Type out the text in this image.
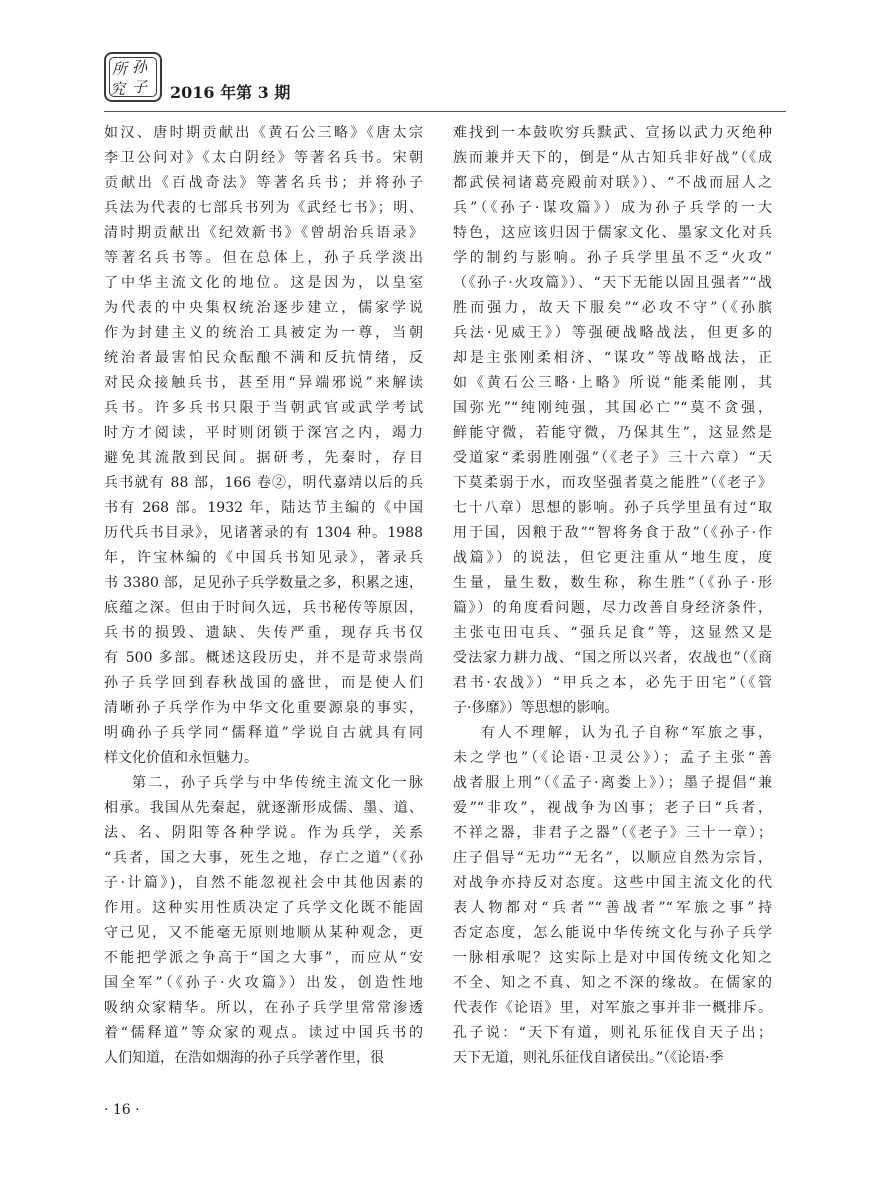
所 孙
究 子 2016 年第 3 期
如汉、唐时期贡献出《黄石公三略》《唐太宗
李卫公问对》《太白阴经》等著名兵书。宋朝
贡献出《百战奇法》等著名兵书；并将孙子
兵法为代表的七部兵书列为《武经七书》；明、
清时期贡献出《纪效新书》《曾胡治兵语录》
等著名兵书等。但在总体上，孙子兵学淡出
了中华主流文化的地位。这是因为，以皇室
为代表的中央集权统治逐步建立，儒家学说
作为封建主义的统治工具被定为一尊，当朝
统治者最害怕民众酝酿不满和反抗情绪，反
对民众接触兵书，甚至用“异端邪说”来解读
兵书。许多兵书只限于当朝武官或武学考试
时方才阅读，平时则闭锁于深宫之内，竭力
避免其流散到民间。据研考，先秦时，存目
兵书就有 88 部，166 卷②，明代嘉靖以后的兵
书有 268 部。1932 年，陆达节主编的《中国
历代兵书目录》，见诸著录的有 1304 种。1988
年，许宝林编的《中国兵书知见录》，著录兵
书 3380 部，足见孙子兵学数量之多，积累之速，
底蕴之深。但由于时间久远，兵书秘传等原因，
兵书的损毁、遗缺、失传严重，现存兵书仅
有 500 多部。概述这段历史，并不是苛求崇尚
孙子兵学回到春秋战国的盛世，而是使人们
清晰孙子兵学作为中华文化重要源泉的事实，
明确孙子兵学同“儒释道”学说自古就具有同
样文化价值和永恒魅力。
第二，孙子兵学与中华传统主流文化一脉
相承。我国从先秦起，就逐渐形成儒、墨、道、
法、名、阴阳等各种学说。作为兵学，关系
“兵者，国之大事，死生之地，存亡之道”（《孙
子·计篇》)，自然不能忽视社会中其他因素的
作用。这种实用性质决定了兵学文化既不能固
守己见，又不能毫无原则地顺从某种观念，更
不能把学派之争高于“国之大事”，而应从“安
国全军”（《孙子·火攻篇》）出发，创造性地
吸纳众家精华。所以，在孙子兵学里常常渗透
着“儒释道”等众家的观点。读过中国兵书的
人们知道，在浩如烟海的孙子兵学著作里，很
难找到一本鼓吹穷兵黩武、宣扬以武力灭绝种
族而兼并天下的，倒是“从古知兵非好战”（《成
都武侯祠诸葛亮殿前对联》）、“不战而屈人之
兵”（《孙子·谋攻篇》）成为孙子兵学的一大
特色，这应该归因于儒家文化、墨家文化对兵
学的制约与影响。孙子兵学里虽不乏“火攻”
（《孙子·火攻篇》）、“天下无能以固且强者”“战
胜而强力，故天下服矣”“必攻不守”（《孙膑
兵法·见威王》）等强硬战略战法，但更多的
却是主张刚柔相济、“谋攻”等战略战法，正
如《黄石公三略·上略》所说“能柔能刚，其
国弥光”“纯刚纯强，其国必亡”“莫不贪强，
鲜能守微，若能守微，乃保其生”，这显然是
受道家“柔弱胜刚强”（《老子》三十六章）“天
下莫柔弱于水，而攻坚强者莫之能胜”（《老子》
七十八章）思想的影响。孙子兵学里虽有过“取
用于国，因粮于敌”“智将务食于敌”（《孙子·作
战篇》）的说法，但它更注重从“地生度，度
生量，量生数，数生称，称生胜”（《孙子·形
篇》）的角度看问题，尽力改善自身经济条件，
主张屯田屯兵、“强兵足食”等，这显然又是
受法家力耕力战、“国之所以兴者，农战也”（《商
君书·农战》）“甲兵之本，必先于田宅”（《管
子·侈靡》）等思想的影响。
有人不理解，认为孔子自称“军旅之事，
未之学也”（《论语·卫灵公》）；孟子主张“善
战者服上刑”（《孟子·离娄上》）；墨子提倡“兼
爱”“非攻”，视战争为凶事；老子曰“兵者，
不祥之器，非君子之器”（《老子》三十一章）；
庄子倡导“无功”“无名”，以顺应自然为宗旨，
对战争亦持反对态度。这些中国主流文化的代
表人物都对“兵者”“善战者”“军旅之事”持
否定态度，怎么能说中华传统文化与孙子兵学
一脉相承呢？这实际上是对中国传统文化知之
不全、知之不真、知之不深的缘故。在儒家的
代表作《论语》里，对军旅之事并非一概排斥。
孔子说：“天下有道，则礼乐征伐自天子出；
天下无道，则礼乐征伐自诸侯出。”（《论语·季
· 16 ·
